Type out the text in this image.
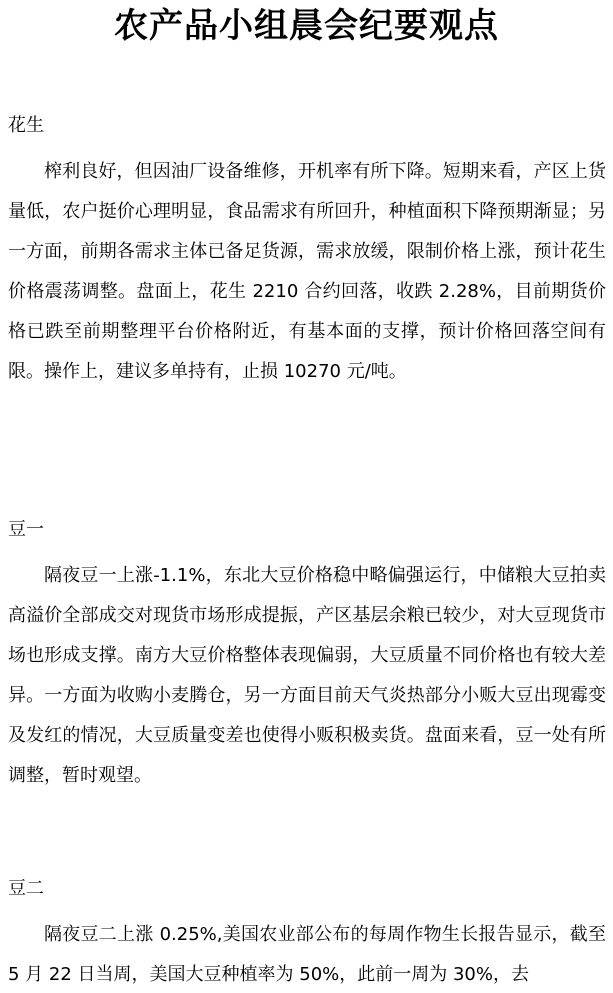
农产品小组晨会纪要观点

花生

榨利良好，但因油厂设备维修，开机率有所下降。短期来看，产区上货量低，农户挺价心理明显，食品需求有所回升，种植面积下降预期渐显；另一方面，前期各需求主体已备足货源，需求放缓，限制价格上涨，预计花生价格震荡调整。盘面上，花生 2210 合约回落，收跌 2.28%，目前期货价格已跌至前期整理平台价格附近，有基本面的支撑，预计价格回落空间有限。操作上，建议多单持有，止损 10270 元/吨。

豆一

隔夜豆一上涨-1.1%，东北大豆价格稳中略偏强运行，中储粮大豆拍卖高溢价全部成交对现货市场形成提振，产区基层余粮已较少，对大豆现货市场也形成支撑。南方大豆价格整体表现偏弱，大豆质量不同价格也有较大差异。一方面为收购小麦腾仓，另一方面目前天气炎热部分小贩大豆出现霉变及发红的情况，大豆质量变差也使得小贩积极卖货。盘面来看，豆一处有所调整，暂时观望。

豆二

隔夜豆二上涨 0.25%,美国农业部公布的每周作物生长报告显示，截至 5 月 22 日当周，美国大豆种植率为 50%，此前一周为 30%，去
